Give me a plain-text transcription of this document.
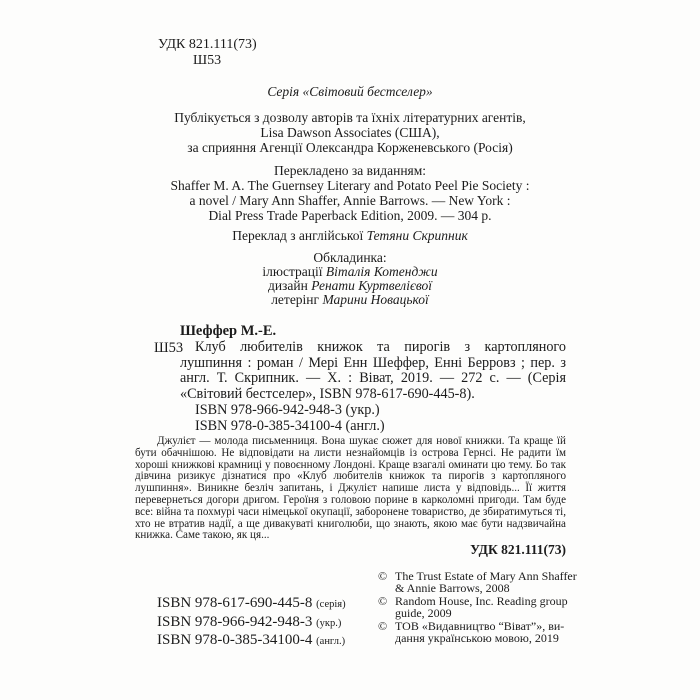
УДК 821.111(73)
Ш53
Серія «Світовий бестселер»
Публікується з дозволу авторів та їхніх літературних агентів,
Lisa Dawson Associates (США),
за сприяння Агенції Олександра Корженевського (Росія)
Перекладено за виданням:
Shaffer M. A. The Guernsey Literary and Potato Peel Pie Society :
a novel / Mary Ann Shaffer, Annie Barrows. — New York :
Dial Press Trade Paperback Edition, 2009. — 304 p.
Переклад з англійської Тетяни Скрипник
Обкладинка:
ілюстрації Віталія Котенджи
дизайн Ренати Куртвелієвої
летерінг Марини Новацької
Шеффер М.-Е.
Ш53 Клуб любителів книжок та пирогів з картопляного лушпиння : роман / Мері Енн Шеффер, Енні Берровз ; пер. з англ. Т. Скрипник. — Х. : Віват, 2019. — 272 с. — (Серія «Світовий бестселер», ISBN 978-617-690-445-8).

ISBN 978-966-942-948-3 (укр.)
ISBN 978-0-385-34100-4 (англ.)

Джулієт — молода письменниця. Вона шукає сюжет для нової книжки. Та краще їй бути обачнішою. Не відповідати на листи незнайомців із острова Гернсі. Не радити їм хороші книжкові крамниці у повоєнному Лондоні. Краще взагалі оминати цю тему. Бо так дівчина ризикує дізнатися про «Клуб любителів книжок та пирогів з картопляного лушпиння». Виникне безліч запитань, і Джулієт напише листа у відповідь... Її життя перевернеться догори дригом. Героїня з головою порине в карколомні пригоди. Там буде все: війна та похмурі часи німецької окупації, заборонене товариство, де збиратимуться ті, хто не втратив надії, а ще дивакуваті книголюби, що знають, якою має бути надзвичайна книжка. Саме такою, як ця...

УДК 821.111(73)
ISBN 978-617-690-445-8 (серія)
ISBN 978-966-942-948-3 (укр.)
ISBN 978-0-385-34100-4 (англ.)
© The Trust Estate of Mary Ann Shaffer
& Annie Barrows, 2008
© Random House, Inc. Reading group
guide, 2009
© ТОВ «Видавництво “Віват”», ви-
дання українською мовою, 2019
